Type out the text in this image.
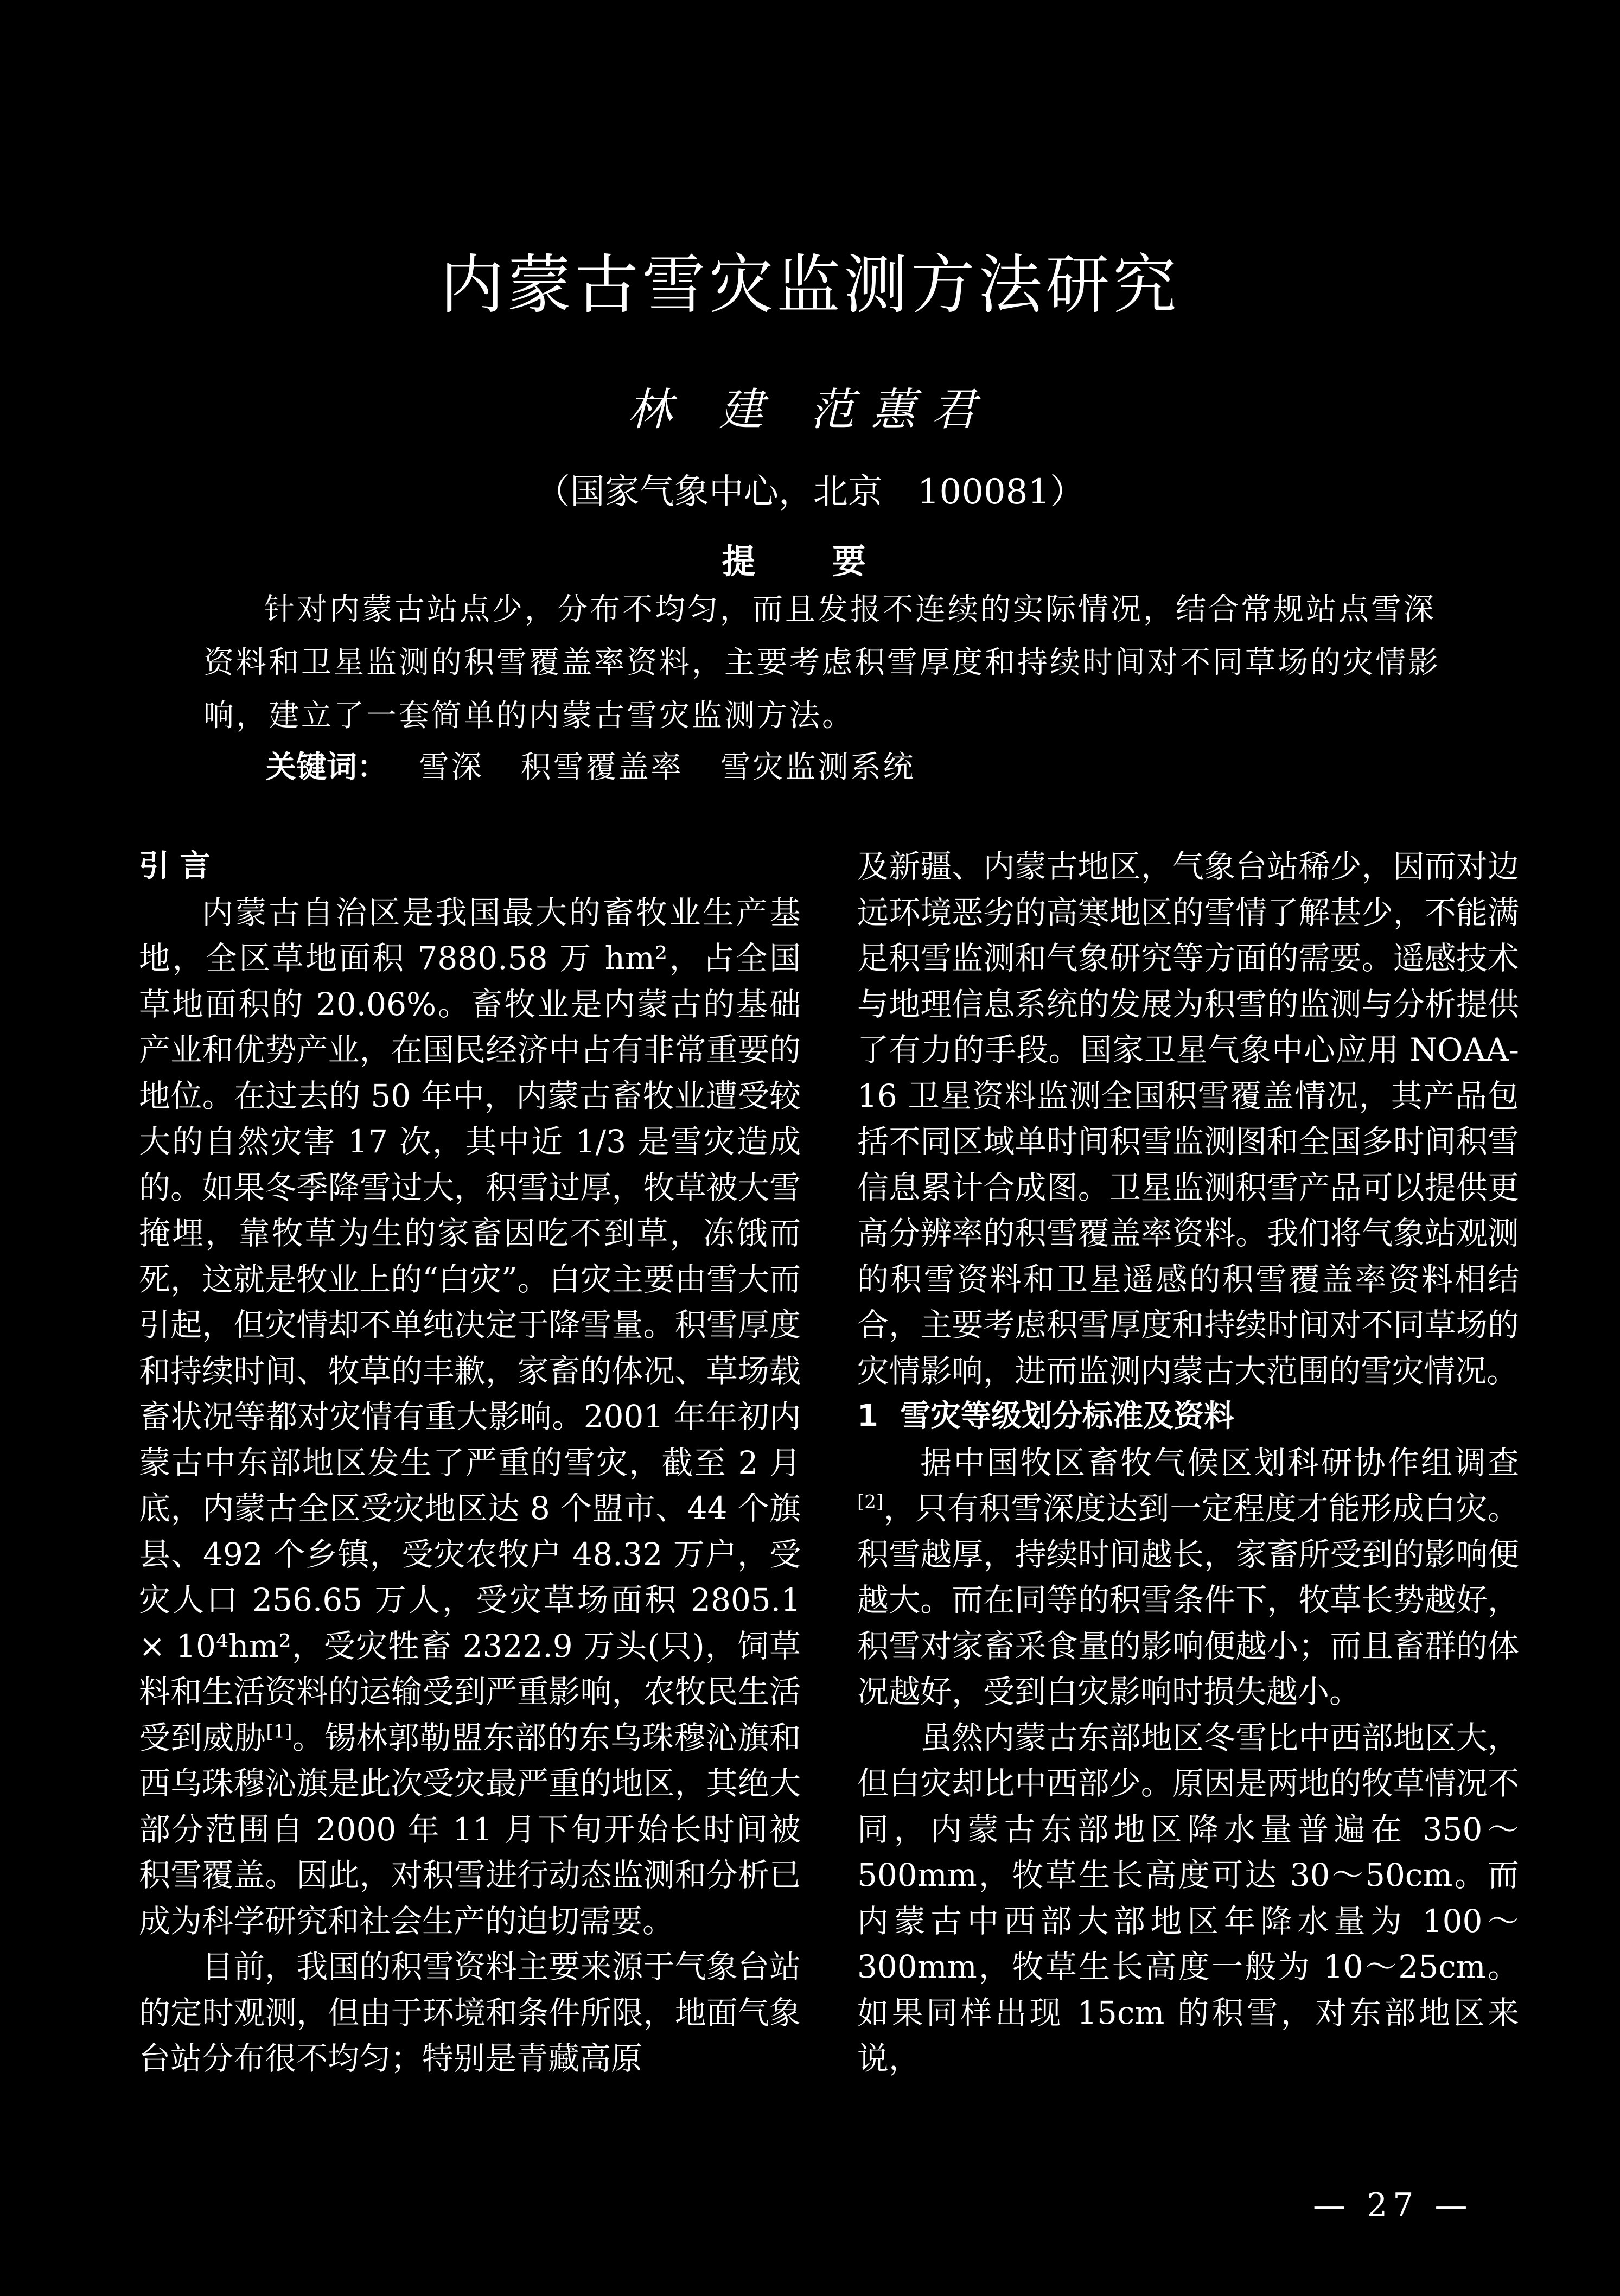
内蒙古雪灾监测方法研究
林 建 范蕙君
（国家气象中心，北京　100081）
提 要
针对内蒙古站点少，分布不均匀，而且发报不连续的实际情况，结合常规站点雪深资料和卫星监测的积雪覆盖率资料，主要考虑积雪厚度和持续时间对不同草场的灾情影响，建立了一套简单的内蒙古雪灾监测方法。
关键词： 雪深 积雪覆盖率 雪灾监测系统
引 言

内蒙古自治区是我国最大的畜牧业生产基地，全区草地面积 7880.58 万 hm²，占全国草地面积的 20.06%。畜牧业是内蒙古的基础产业和优势产业，在国民经济中占有非常重要的地位。在过去的 50 年中，内蒙古畜牧业遭受较大的自然灾害 17 次，其中近 1/3 是雪灾造成的。如果冬季降雪过大，积雪过厚，牧草被大雪掩埋，靠牧草为生的家畜因吃不到草，冻饿而死，这就是牧业上的“白灾”。白灾主要由雪大而引起，但灾情却不单纯决定于降雪量。积雪厚度和持续时间、牧草的丰歉，家畜的体况、草场载畜状况等都对灾情有重大影响。2001 年年初内蒙古中东部地区发生了严重的雪灾，截至 2 月底，内蒙古全区受灾地区达 8 个盟市、44 个旗县、492 个乡镇，受灾农牧户 48.32 万户，受灾人口 256.65 万人，受灾草场面积 2805.1 × 10⁴hm²，受灾牲畜 2322.9 万头(只)，饲草料和生活资料的运输受到严重影响，农牧民生活受到威胁[1]。锡林郭勒盟东部的东乌珠穆沁旗和西乌珠穆沁旗是此次受灾最严重的地区，其绝大部分范围自 2000 年 11 月下旬开始长时间被积雪覆盖。因此，对积雪进行动态监测和分析已成为科学研究和社会生产的迫切需要。

目前，我国的积雪资料主要来源于气象台站的定时观测，但由于环境和条件所限，地面气象台站分布很不均匀；特别是青藏高原

及新疆、内蒙古地区，气象台站稀少，因而对边远环境恶劣的高寒地区的雪情了解甚少，不能满足积雪监测和气象研究等方面的需要。遥感技术与地理信息系统的发展为积雪的监测与分析提供了有力的手段。国家卫星气象中心应用 NOAA-16 卫星资料监测全国积雪覆盖情况，其产品包括不同区域单时间积雪监测图和全国多时间积雪信息累计合成图。卫星监测积雪产品可以提供更高分辨率的积雪覆盖率资料。我们将气象站观测的积雪资料和卫星遥感的积雪覆盖率资料相结合，主要考虑积雪厚度和持续时间对不同草场的灾情影响，进而监测内蒙古大范围的雪灾情况。

1 雪灾等级划分标准及资料

据中国牧区畜牧气候区划科研协作组调查[2]，只有积雪深度达到一定程度才能形成白灾。积雪越厚，持续时间越长，家畜所受到的影响便越大。而在同等的积雪条件下，牧草长势越好，积雪对家畜采食量的影响便越小；而且畜群的体况越好，受到白灾影响时损失越小。

虽然内蒙古东部地区冬雪比中西部地区大，但白灾却比中西部少。原因是两地的牧草情况不同，内蒙古东部地区降水量普遍在 350～500mm，牧草生长高度可达 30～50cm。而内蒙古中西部大部地区年降水量为 100～300mm，牧草生长高度一般为 10～25cm。如果同样出现 15cm 的积雪，对东部地区来说，

— 27 —
